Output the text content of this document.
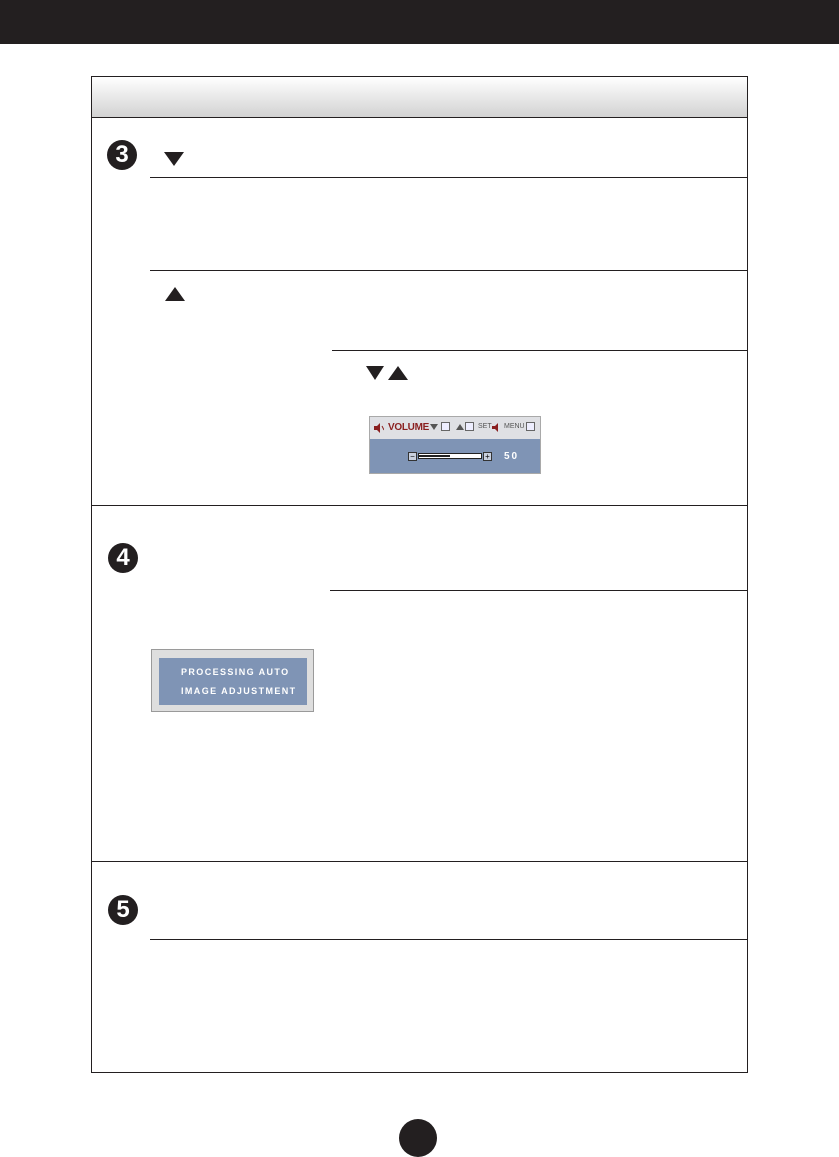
3
VOLUME	SET MENU
−	+ 50
4
PROCESSING AUTO
IMAGE ADJUSTMENT
5
